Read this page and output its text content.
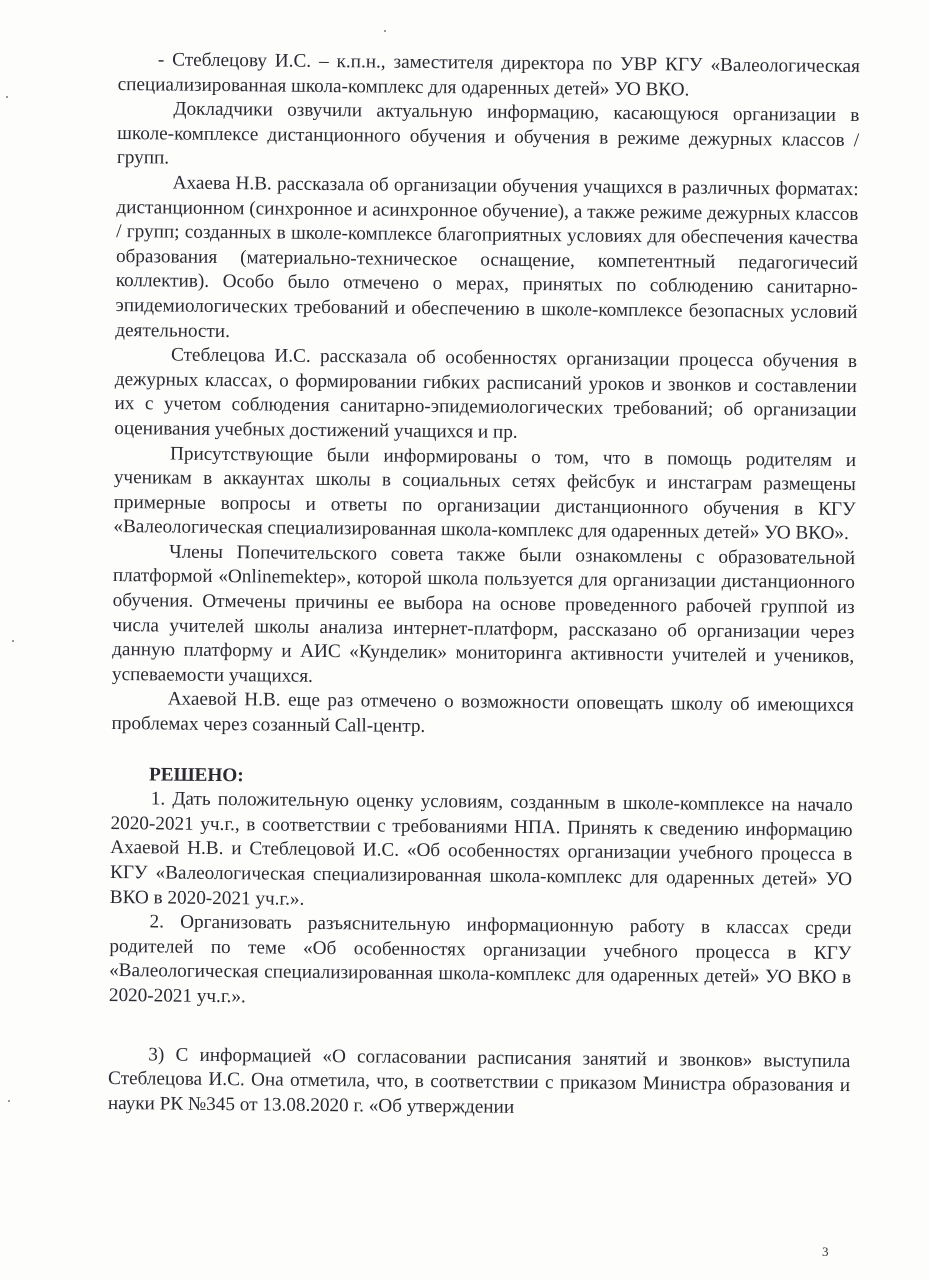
- Стеблецову И.С. – к.п.н., заместителя директора по УВР КГУ «Валеологическая специализированная школа-комплекс для одаренных детей» УО ВКО.

Докладчики озвучили актуальную информацию, касающуюся организации в школе-комплексе дистанционного обучения и обучения в режиме дежурных классов / групп.

Ахаева Н.В. рассказала об организации обучения учащихся в различных форматах: дистанционном (синхронное и асинхронное обучение), а также режиме дежурных классов / групп; созданных в школе-комплексе благоприятных условиях для обеспечения качества образования (материально-техническое оснащение, компетентный педагогичесий коллектив). Особо было отмечено о мерах, принятых по соблюдению санитарно-эпидемиологических требований и обеспечению в школе-комплексе безопасных условий деятельности.

Стеблецова И.С. рассказала об особенностях организации процесса обучения в дежурных классах, о формировании гибких расписаний уроков и звонков и составлении их с учетом соблюдения санитарно-эпидемиологических требований; об организации оценивания учебных достижений учащихся и пр.

Присутствующие были информированы о том, что в помощь родителям и ученикам в аккаунтах школы в социальных сетях фейсбук и инстаграм размещены примерные вопросы и ответы по организации дистанционного обучения в КГУ «Валеологическая специализированная школа-комплекс для одаренных детей» УО ВКО».

Члены Попечительского совета также были ознакомлены с образовательной платформой «Onlinemektep», которой школа пользуется для организации дистанционного обучения. Отмечены причины ее выбора на основе проведенного рабочей группой из числа учителей школы анализа интернет-платформ, рассказано об организации через данную платформу и АИС «Кунделик» мониторинга активности учителей и учеников, успеваемости учащихся.

Ахаевой Н.В. еще раз отмечено о возможности оповещать школу об имеющихся проблемах через созанный Call-центр.

РЕШЕНО:

1. Дать положительную оценку условиям, созданным в школе-комплексе на начало 2020-2021 уч.г., в соответствии с требованиями НПА. Принять к сведению информацию Ахаевой Н.В. и Стеблецовой И.С. «Об особенностях организации учебного процесса в КГУ «Валеологическая специализированная школа-комплекс для одаренных детей» УО ВКО в 2020-2021 уч.г.».

2. Организовать разъяснительную информационную работу в классах среди родителей по теме «Об особенностях организации учебного процесса в КГУ «Валеологическая специализированная школа-комплекс для одаренных детей» УО ВКО в 2020-2021 уч.г.».

3) С информацией «О согласовании расписания занятий и звонков» выступила Стеблецова И.С. Она отметила, что, в соответствии с приказом Министра образования и науки РК №345 от 13.08.2020 г. «Об утверждении

3
